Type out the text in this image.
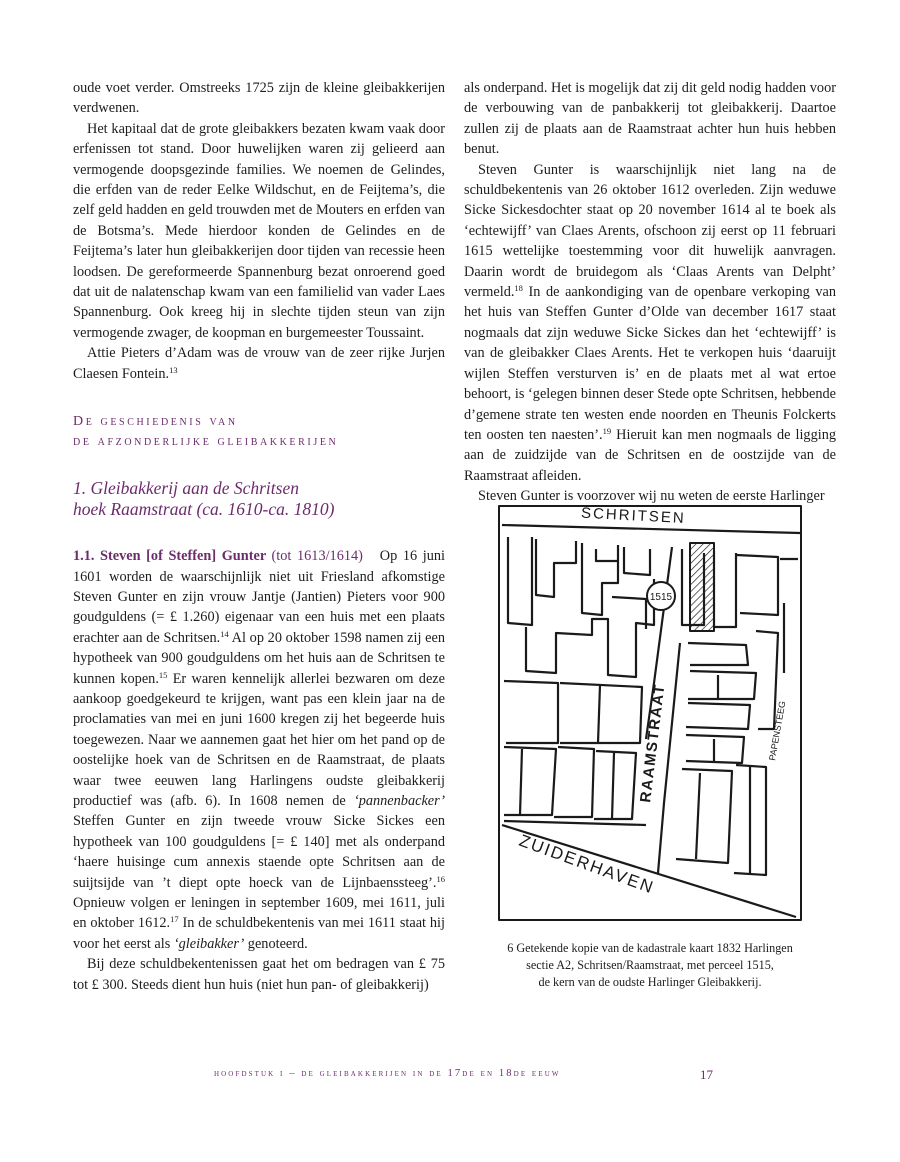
oude voet verder. Omstreeks 1725 zijn de kleine gleibakkerijen verdwenen.

Het kapitaal dat de grote gleibakkers bezaten kwam vaak door erfenissen tot stand. Door huwelijken waren zij gelieerd aan vermogende doopsgezinde families. We noemen de Gelindes, die erfden van de reder Eelke Wildschut, en de Feijtema’s, die zelf geld hadden en geld trouwden met de Mouters en erfden van de Botsma’s. Mede hierdoor konden de Gelindes en de Feijtema’s later hun gleibakkerijen door tijden van recessie heen loodsen. De gereformeerde Spannenburg bezat onroerend goed dat uit de nalatenschap kwam van een familielid van vader Laes Spannenburg. Ook kreeg hij in slechte tijden steun van zijn vermogende zwager, de koopman en burgemeester Toussaint.

Attie Pieters d’Adam was de vrouw van de zeer rijke Jurjen Claesen Fontein.$^{13}$

De geschiedenis van
de afzonderlijke gleibakkerijen

1. Gleibakkerij aan de Schritsen
hoek Raamstraat (ca. 1610-ca. 1810)

1.1. Steven [of Steffen] Gunter (tot 1613/1614) Op 16 juni 1601 worden de waarschijnlijk niet uit Friesland afkomstige Steven Gunter en zijn vrouw Jantje (Jantien) Pieters voor 900 goudguldens (= £ 1.260) eigenaar van een huis met een plaats erachter aan de Schritsen.$^{14}$ Al op 20 oktober 1598 namen zij een hypotheek van 900 goudguldens om het huis aan de Schritsen te kunnen kopen.$^{15}$ Er waren kennelijk allerlei bezwaren om deze aankoop goedgekeurd te krijgen, want pas een klein jaar na de proclamaties van mei en juni 1600 kregen zij het begeerde huis toegewezen. Naar we aannemen gaat het hier om het pand op de oostelijke hoek van de Schritsen en de Raamstraat, de plaats waar twee eeuwen lang Harlingens oudste gleibakkerij productief was (afb. 6). In 1608 nemen de ‘pannenbacker’ Steffen Gunter en zijn tweede vrouw Sicke Sickes een hypotheek van 100 goudguldens [= £ 140] met als onderpand ‘haere huisinge cum annexis staende opte Schritsen aan de suijtsijde van ’t diept opte hoeck van de Lijnbaenssteeg’.$^{16}$ Opnieuw volgen er leningen in september 1609, mei 1611, juli en oktober 1612.17 In de schuldbekentenis van mei 1611 staat hij voor het eerst als ‘gleibakker’ genoteerd.

Bij deze schuldbekentenissen gaat het om bedragen van £ 75 tot £ 300. Steeds dient hun huis (niet hun pan- of gleibakkerij)

als onderpand. Het is mogelijk dat zij dit geld nodig hadden voor de verbouwing van de panbakkerij tot gleibakkerij. Daartoe zullen zij de plaats aan de Raamstraat achter hun huis hebben benut.

Steven Gunter is waarschijnlijk niet lang na de schuldbekentenis van 26 oktober 1612 overleden. Zijn weduwe Sicke Sickesdochter staat op 20 november 1614 al te boek als ‘echtewijff’ van Claes Arents, ofschoon zij eerst op 11 februari 1615 wettelijke toestemming voor dit huwelijk aanvragen. Daarin wordt de bruidegom als ‘Claas Arents van Delpht’ vermeld.$^{18}$ In de aankondiging van de openbare verkoping van het huis van Steffen Gunter d’Olde van december 1617 staat nogmaals dat zijn weduwe Sicke Sickes dan het ‘echtewijff’ is van de gleibakker Claes Arents. Het te verkopen huis ‘daaruijt wijlen Steffen versturven is’ en de plaats met al wat ertoe behoort, is ‘gelegen binnen deser Stede opte Schritsen, hebbende d’gemene strate ten westen ende noorden en Theunis Folckerts ten oosten ten naesten’.$^{19}$ Hieruit kan men nogmaals de ligging aan de zuidzijde van de Schritsen en de oostzijde van de Raamstraat afleiden.

Steven Gunter is voorzover wij nu weten de eerste Harlinger

1515
SCHRITSEN
RAAMSTRAAT	PAPENSTEEG
ZUIDERHAVEN
6 Getekende kopie van de kadastrale kaart 1832 Harlingen
sectie A2, Schritsen/Raamstraat, met perceel 1515,
de kern van de oudste Harlinger Gleibakkerij.
hoofdstuk i – de gleibakkerijen in de 17de en 18de eeuw	17
